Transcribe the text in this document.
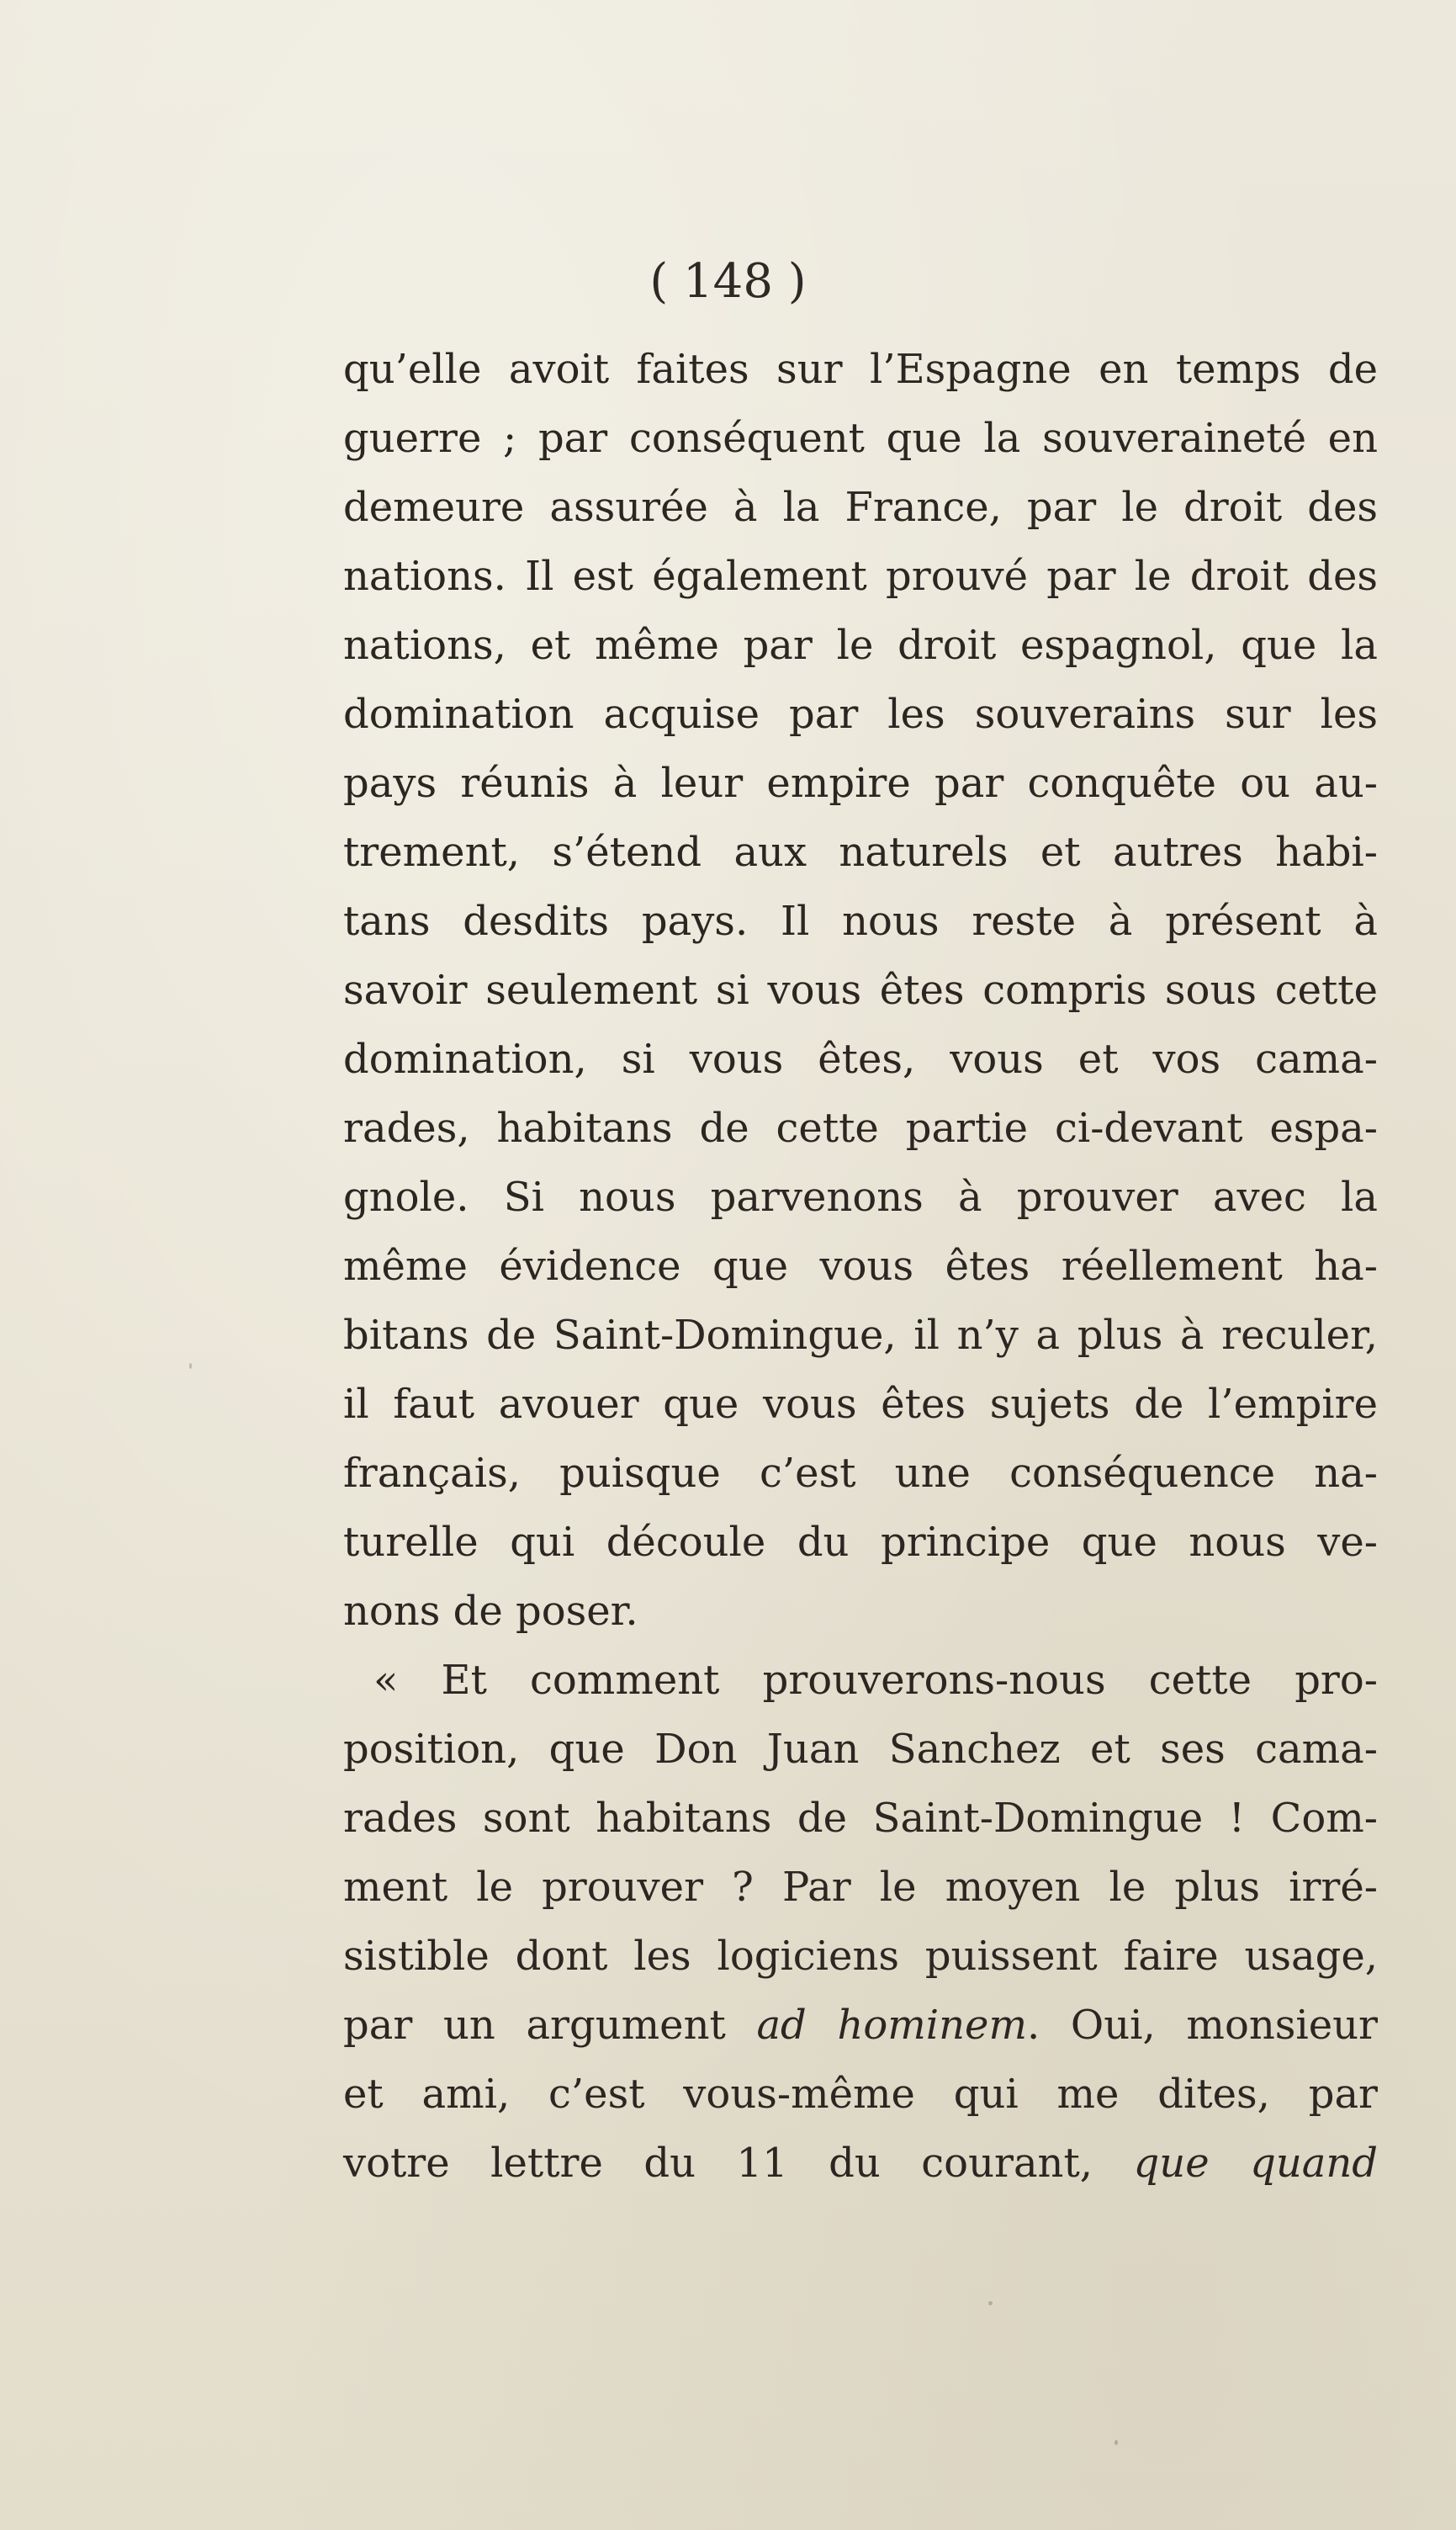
( 148 )
qu’elle avoit faites sur l’Espagne en temps de
guerre ; par conséquent que la souveraineté en
demeure assurée à la France, par le droit des
nations. Il est également prouvé par le droit des
nations, et même par le droit espagnol, que la
domination acquise par les souverains sur les
pays réunis à leur empire par conquête ou au-
trement, s’étend aux naturels et autres habi-
tans desdits pays. Il nous reste à présent à
savoir seulement si vous êtes compris sous cette
domination, si vous êtes, vous et vos cama-
rades, habitans de cette partie ci-devant espa-
gnole. Si nous parvenons à prouver avec la
même évidence que vous êtes réellement ha-
bitans de Saint-Domingue, il n’y a plus à reculer,
il faut avouer que vous êtes sujets de l’empire
français, puisque c’est une conséquence na-
turelle qui découle du principe que nous ve-
nons de poser.
« Et comment prouverons-nous cette pro-
position, que Don Juan Sanchez et ses cama-
rades sont habitans de Saint-Domingue ! Com-
ment le prouver ? Par le moyen le plus irré-
sistible dont les logiciens puissent faire usage,
par un argument ad hominem. Oui, monsieur
et ami, c’est vous-même qui me dites, par
votre lettre du 11 du courant, que quand
